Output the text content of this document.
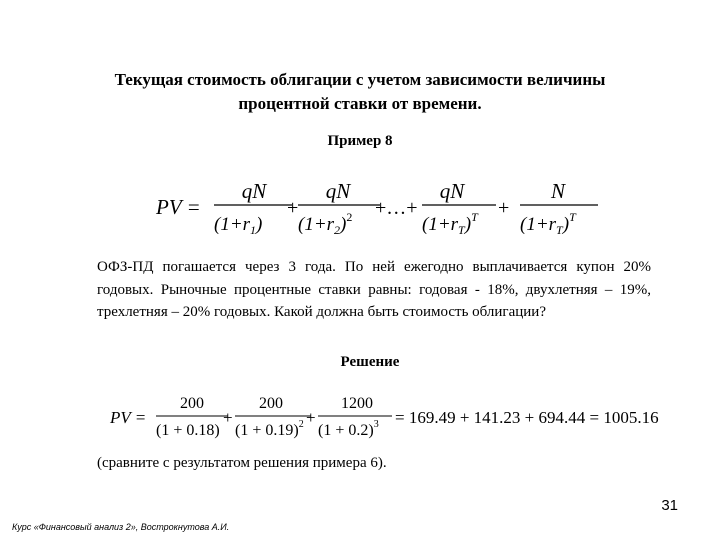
Текущая стоимость облигации с учетом зависимости величины
процентной ставки от времени.
Пример 8
PV =
qN
$(1+r_1)$
+
qN
$(1+r_2)^2$ +…+
qN
$(1+r_T)^T$ +
N
$(1+r_T)^T$
ОФЗ-ПД погашается через 3 года. По ней ежегодно выплачивается купон 20% годовых. Рыночные процентные ставки равны: годовая - 18%, двухлетняя – 19%, трехлетняя – 20% годовых. Какой должна быть стоимость облигации?
Решение
PV =
200
(1 + 0.18)
+
200
$(1 + 0.19)^2$ +
1200
$(1 + 0.2)^3 = 169.49 + 141.23 + 694.44 = 1005.16$
(сравните с результатом решения примера 6).
31
Курс «Финансовый анализ 2», Вострокнутова А.И.
